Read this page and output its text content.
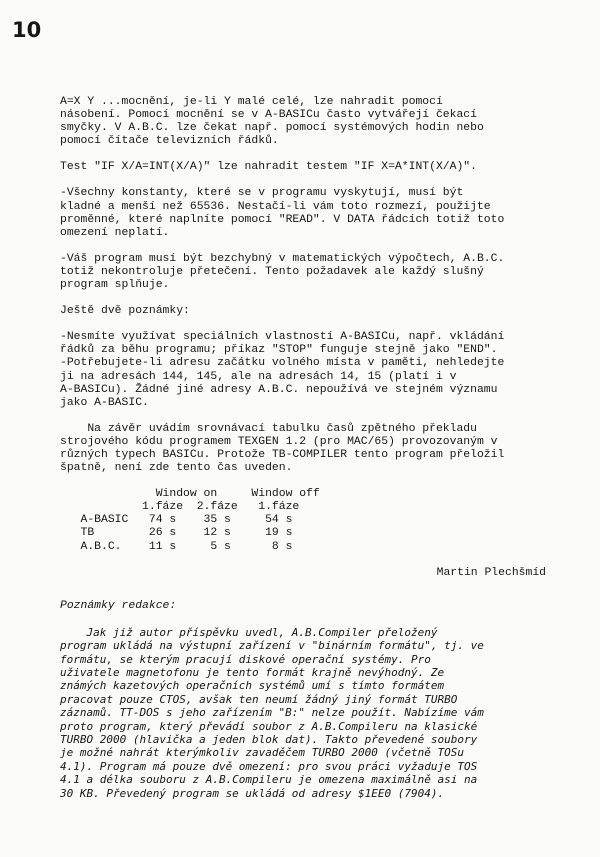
10

A=X Y ...mocnění, je-li Y malé celé, lze nahradit pomocí
násobení. Pomocí mocnění se v A-BASICu často vytvářejí čekací
smyčky. V A.B.C. lze čekat např. pomocí systémových hodin nebo
pomocí čítače televizních řádků.

Test "IF X/A=INT(X/A)" lze nahradit testem "IF X=A*INT(X/A)".

-Všechny konstanty, které se v programu vyskytují, musí být
kladné a menší než 65536. Nestačí-li vám toto rozmezí, použijte
proměnné, které naplníte pomocí "READ". V DATA řádcích totiž toto
omezení neplatí.

-Váš program musí být bezchybný v matematických výpočtech, A.B.C.
totiž nekontroluje přetečení. Tento požadavek ale každý slušný
program splňuje.

Ještě dvě poznámky:

-Nesmíte využívat speciálních vlastností A-BASICu, např. vkládání
řádků za běhu programu; příkaz "STOP" funguje stejně jako "END".
-Potřebujete-li adresu začátku volného místa v paměti, nehledejte
ji na adresách 144, 145, ale na adresách 14, 15 (platí i v
A-BASICu). Žádné jiné adresy A.B.C. nepoužívá ve stejném významu
jako A-BASIC.

Na závěr uvádím srovnávací tabulku časů zpětného překladu
strojového kódu programem TEXGEN 1.2 (pro MAC/65) provozovaným v
různých typech BASICu. Protože TB-COMPILER tento program přeložil
špatně, není zde tento čas uveden.

Window on     Window off

1.fáze  2.fáze   1.fáze

A-BASIC   74 s    35 s     54 s

TB        26 s    12 s     19 s

A.B.C.    11 s     5 s      8 s

Martin Plechšmíd

Poznámky redakce:

Jak již autor příspěvku uvedl, A.B.Compiler přeložený
program ukládá na výstupní zařízení v "binárním formátu", tj. ve
formátu, se kterým pracují diskové operační systémy. Pro
uživatele magnetofonu je tento formát krajně nevýhodný. Ze
známých kazetových operačních systémů umí s tímto formátem
pracovat pouze CTOS, avšak ten neumí žádný jiný formát TURBO
záznamů. TT-DOS s jeho zařízením "B:" nelze použít. Nabízíme vám
proto program, který převádí soubor z A.B.Compileru na klasické
TURBO 2000 (hlavička a jeden blok dat). Takto převedené soubory
je možné nahrát kterýmkoliv zavaděčem TURBO 2000 (včetně TOSu
4.1). Program má pouze dvě omezení: pro svou práci vyžaduje TOS
4.1 a délka souboru z A.B.Compileru je omezena maximálně asi na
30 KB. Převedený program se ukládá od adresy $1EE0 (7904).
